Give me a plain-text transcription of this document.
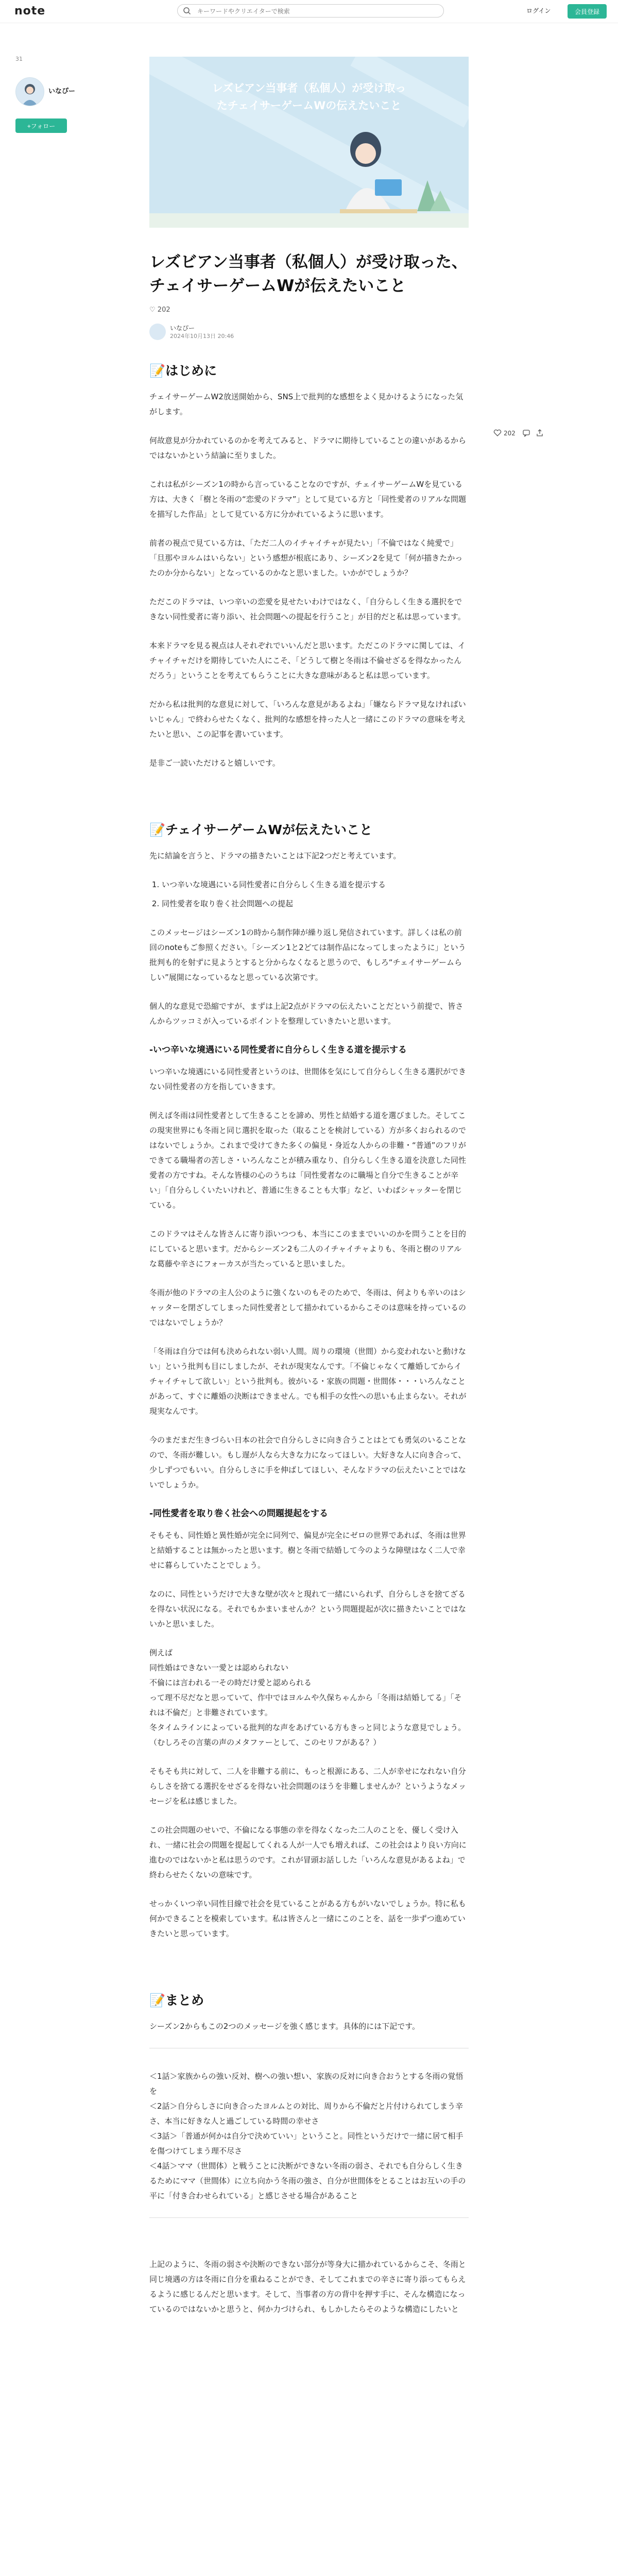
note
キーワードやクリエイターで検索	ログイン	会員登録
31
いなぴー
+フォロー
202
レズビアン当事者（私個人）が受け取っ
たチェイサーゲームWの伝えたいこと
レズビアン当事者（私個人）が受け取った、チェイサーゲームWが伝えたいこと
♡ 202
いなぴー
2024年10月13日 20:46
📝はじめに

チェイサーゲームW2放送開始から、SNS上で批判的な感想をよく見かけるようになった気がします。

何故意見が分かれているのかを考えてみると、ドラマに期待していることの違いがあるからではないかという結論に至りました。

これは私がシーズン1の時から言っていることなのですが、チェイサーゲームWを見ている方は、大きく「樹と冬雨の“恋愛のドラマ”」として見ている方と「同性愛者のリアルな問題を描写した作品」として見ている方に分かれているように思います。

前者の視点で見ている方は、「ただ二人のイチャイチャが見たい」「不倫ではなく純愛で」「旦那やヨルムはいらない」という感想が根底にあり、シーズン2を見て「何が描きたかったのか分からない」となっているのかなと思いました。いかがでしょうか？

ただこのドラマは、いつ辛いの恋愛を見せたいわけではなく、「自分らしく生きる選択をできない同性愛者に寄り添い、社会問題への提起を行うこと」が目的だと私は思っています。

本来ドラマを見る視点は人それぞれでいいんだと思います。ただこのドラマに関しては、イチャイチャだけを期待していた人にこそ、「どうして樹と冬雨は不倫せざるを得なかったんだろう」ということを考えてもらうことに大きな意味があると私は思っています。

だから私は批判的な意見に対して、「いろんな意見があるよね」「嫌ならドラマ見なければいいじゃん」で終わらせたくなく、批判的な感想を持った人と一緒にこのドラマの意味を考えたいと思い、この記事を書いています。

是非ご一読いただけると嬉しいです。

📝チェイサーゲームWが伝えたいこと

先に結論を言うと、ドラマの描きたいことは下記2つだと考えています。

1. いつ辛いな境遇にいる同性愛者に自分らしく生きる道を提示する
2. 同性愛者を取り巻く社会問題への提起

このメッセージはシーズン1の時から制作陣が繰り返し発信されています。詳しくは私の前回のnoteもご参照ください。「シーズン1と2どては制作品になってしまったように」という批判も的を射ずに見ようとすると分からなくなると思うので、もしろ“チェイサーゲームらしい”展開になっているなと思っている次第です。

個人的な意見で恐縮ですが、まずは上記2点がドラマの伝えたいことだという前提で、皆さんからツッコミが入っているポイントを整理していきたいと思います。

-いつ辛いな境遇にいる同性愛者に自分らしく生きる道を提示する

いつ辛いな境遇にいる同性愛者というのは、世間体を気にして自分らしく生きる選択ができない同性愛者の方を指していきます。

例えば冬雨は同性愛者として生きることを諦め、男性と結婚する道を選びました。そしてこの現実世界にも冬雨と同じ選択を取った（取ることを検討している）方が多くおられるのではないでしょうか。これまで受けてきた多くの偏見・身近な人からの非難・“普通”のフリができてる職場者の苦しさ・いろんなことが積み重なり、自分らしく生きる道を決意した同性愛者の方ですね。そんな皆様の心のうちは「同性愛者なのに職場と自分で生きることが辛い」「自分らしくいたいけれど、普通に生きることも大事」など、いわばシャッターを閉じている。

このドラマはそんな皆さんに寄り添いつつも、本当にこのままでいいのかを問うことを目的にしていると思います。だからシーズン2も二人のイチャイチャよりも、冬雨と樹のリアルな葛藤や辛さにフォーカスが当たっていると思いました。

冬雨が他のドラマの主人公のように強くないのもそのためで、冬雨は、何よりも辛いのはシャッターを閉ざしてしまった同性愛者として描かれているからこそのは意味を持っているのではないでしょうか？

「冬雨は自分では何も決められない弱い人間。周りの環境（世間）から変われないと動けない」という批判も目にしましたが、それが現実なんです。「不倫じゃなくて離婚してからイチャイチャして欲しい」という批判も。彼がいる・家族の問題・世間体・・・いろんなことがあって、すぐに離婚の決断はできません。でも相手の女性への思いも止まらない。それが現実なんです。

今のまだまだ生きづらい日本の社会で自分らしさに向き合うことはとても勇気のいることなので、冬雨が難しい。もし遅が人なら大きな力になってほしい。大好きな人に向き合って、少しずつでもいい。自分らしさに手を伸ばしてほしい、そんなドラマの伝えたいことではないでしょうか。

-同性愛者を取り巻く社会への問題提起をする

そもそも、同性婚と異性婚が完全に同列で、偏見が完全にゼロの世界であれば、冬雨は世界と結婚することは無かったと思います。樹と冬雨で結婚して今のような障壁はなく二人で幸せに暮らしていたことでしょう。

なのに、同性というだけで大きな壁が次々と現れて一緒にいられず、自分らしさを捨てざるを得ない状況になる。それでもかまいませんか？という問題提起が次に描きたいことではないかと思いました。

例えば
同性婚はできない一愛とは認められない
不倫には言われる一その時だけ愛と認められる
って理不尽だなと思っていて、作中ではヨルムや久保ちゃんから「冬雨は結婚してる」「それは不倫だ」と非難されています。
冬タイムラインによっている批判的な声をあげている方もきっと同じような意見でしょう。（むしろその言葉の声のメタファーとして、このセリフがある？）

そもそも共に対して、二人を非難する前に、もっと根源にある、二人が幸せになれない自分らしさを捨てる選択をせざるを得ない社会問題のほうを非難しませんか？というようなメッセージを私は感じました。

この社会問題のせいで、不倫になる事態の幸を得なくなった二人のことを、優しく受け入れ、一緒に社会の問題を提起してくれる人が一人でも増えれば、この社会はより良い方向に進むのではないかと私は思うのです。これが冒頭お話しした「いろんな意見があるよね」で終わらせたくないの意味です。

せっかくいつ辛い同性目線で社会を見ていることがある方もがいないでしょうか。特に私も何かできることを模索しています。私は皆さんと一緒にこのことを、話を一歩ずつ進めていきたいと思っています。

📝まとめ

シーズン2からもこの2つのメッセージを強く感じます。具体的には下記です。

＜1話＞家族からの強い反対、樹への強い想い、家族の反対に向き合おうとする冬雨の覚悟を
＜2話＞自分らしさに向き合ったヨルムとの対比、周りから不倫だと片付けられてしまう辛さ、本当に好きな人と過ごしている時間の幸せさ
＜3話＞「普通が何かは自分で決めていい」ということ。同性というだけで一緒に居て相手を傷つけてしまう理不尽さ
＜4話＞ママ（世間体）と戦うことに決断ができない冬雨の弱さ、それでも自分らしく生きるためにママ（世間体）に立ち向かう冬雨の強さ、自分が世間体をとることはお互いの手の平に「付き合わせられている」と感じさせる場合があること

上記のように、冬雨の弱さや決断のできない部分が等身大に描かれているからこそ、冬雨と同じ境遇の方は冬雨に自分を重ねることができ、そしてこれまでの辛さに寄り添ってもらえるように感じるんだと思います。そして、当事者の方の背中を押す手に、そんな構造になっているのではないかと思うと、何か力づけられ、もしかしたらそのような構造にしたいと
